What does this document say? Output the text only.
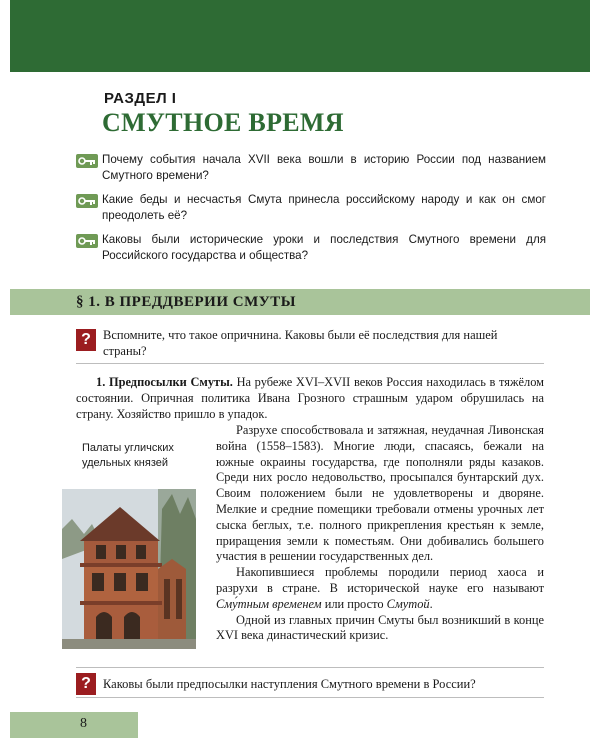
РАЗДЕЛ I
СМУТНОЕ ВРЕМЯ
Почему события начала XVII века вошли в историю России под названием Смутного времени?
Какие беды и несчастья Смута принесла российскому народу и как он смог преодолеть её?
Каковы были исторические уроки и последствия Смутного времени для Российского государства и общества?
§ 1. В ПРЕДДВЕРИИ СМУТЫ
? Вспомните, что такое опричнина. Каковы были её последствия для нашей страны?

1. Предпосылки Смуты. На рубеже XVI–XVII веков Россия находилась в тяжёлом состоянии. Опричная политика Ивана Грозного страшным ударом обрушилась на страну. Хозяйство пришло в упадок.

Палаты угличских удельных князей

Разруxе способствовала и затяжная, неудачная Ливонская война (1558–1583). Многие люди, спасаясь, бежали на южные окраины государства, где пополняли ряды казаков. Среди них росло недовольство, просыпался бунтарский дух. Своим положением были не удовлетворены и дворяне. Мелкие и средние помещики требовали отмены урочных лет сыска беглых, т.е. полного прикрепления крестьян к земле, приращения земли к поместьям. Они добивались большего участия в решении государственных дел.

Накопившиеся проблемы породили период хаоса и разрухи в стране. В исторической науке его называют Сму́тным временем или просто Смутой.

Одной из главных причин Смуты был возникший в конце XVI века династический кризис.

? Каковы были предпосылки наступления Смутного времени в России?
8
